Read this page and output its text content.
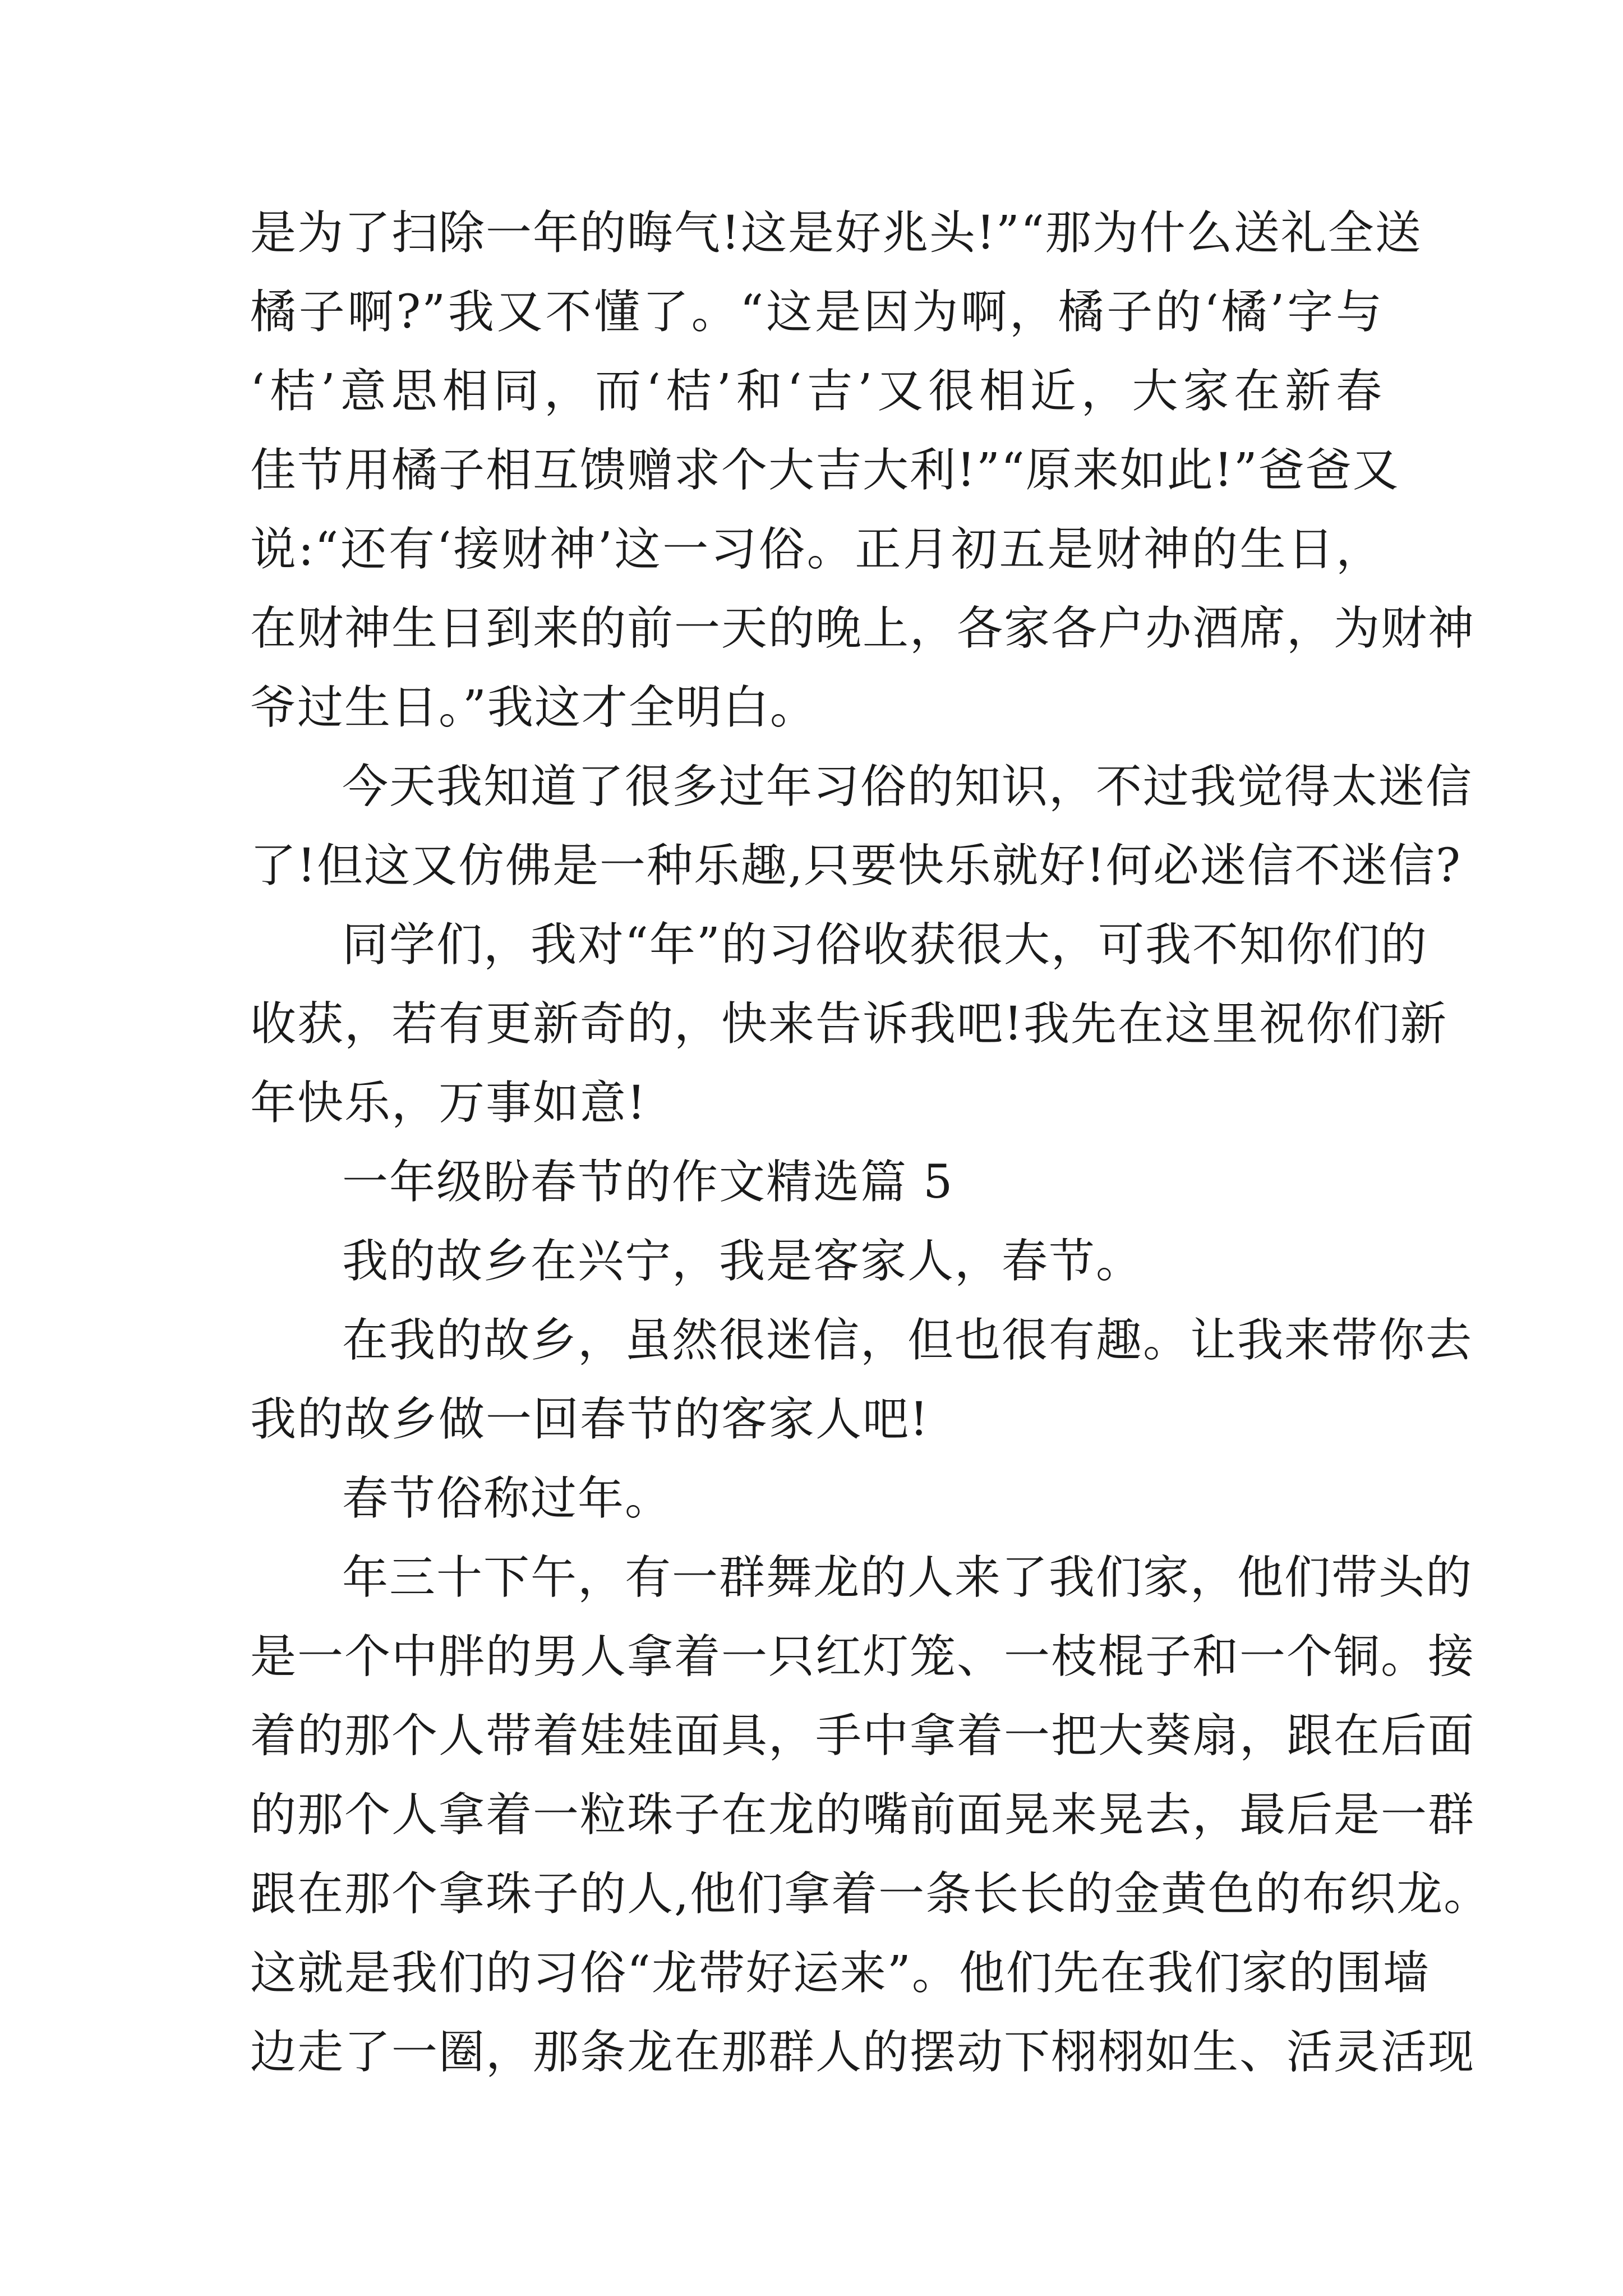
是为了扫除一年的晦气!这是好兆头!”“那为什么送礼全送
橘子啊?”我又不懂了。“这是因为啊，橘子的‘橘’字与
‘桔’意思相同，而‘桔’和‘吉’又很相近，大家在新春
佳节用橘子相互馈赠求个大吉大利!”“原来如此!”爸爸又
说:“还有‘接财神’这一习俗。正月初五是财神的生日，
在财神生日到来的前一天的晚上，各家各户办酒席，为财神
爷过生日。”我这才全明白。
今天我知道了很多过年习俗的知识，不过我觉得太迷信
了!但这又仿佛是一种乐趣,只要快乐就好!何必迷信不迷信?
同学们，我对“年”的习俗收获很大，可我不知你们的
收获，若有更新奇的，快来告诉我吧!我先在这里祝你们新
年快乐，万事如意!
一年级盼春节的作文精选篇 5
我的故乡在兴宁，我是客家人，春节。
在我的故乡，虽然很迷信，但也很有趣。让我来带你去
我的故乡做一回春节的客家人吧!
春节俗称过年。
年三十下午，有一群舞龙的人来了我们家，他们带头的
是一个中胖的男人拿着一只红灯笼、一枝棍子和一个铜。接
着的那个人带着娃娃面具，手中拿着一把大葵扇，跟在后面
的那个人拿着一粒珠子在龙的嘴前面晃来晃去，最后是一群
跟在那个拿珠子的人,他们拿着一条长长的金黄色的布织龙。
这就是我们的习俗“龙带好运来”。他们先在我们家的围墙
边走了一圈，那条龙在那群人的摆动下栩栩如生、活灵活现
